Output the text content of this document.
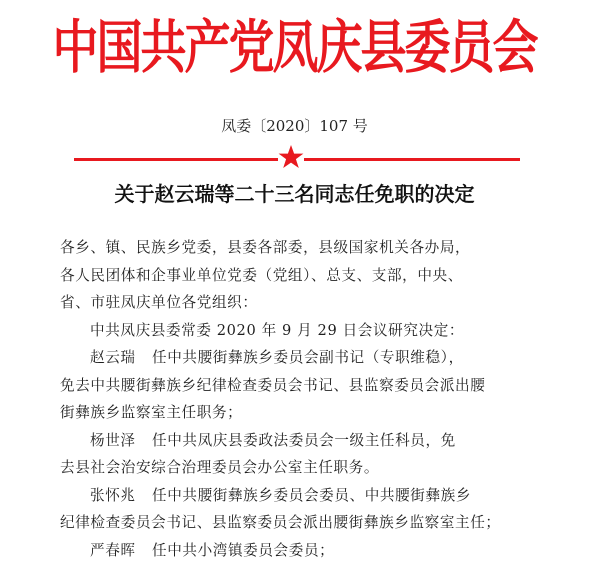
中国共产党凤庆县委员会
凤委〔2020〕107 号
关于赵云瑞等二十三名同志任免职的决定
各乡、镇、民族乡党委，县委各部委，县级国家机关各办局，
各人民团体和企事业单位党委（党组）、总支、支部，中央、
省、市驻凤庆单位各党组织：
中共凤庆县委常委 2020 年 9 月 29 日会议研究决定：
赵云瑞 任中共腰街彝族乡委员会副书记（专职维稳），
免去中共腰街彝族乡纪律检查委员会书记、县监察委员会派出腰
街彝族乡监察室主任职务；
杨世泽 任中共凤庆县委政法委员会一级主任科员，免
去县社会治安综合治理委员会办公室主任职务。
张怀兆 任中共腰街彝族乡委员会委员、中共腰街彝族乡
纪律检查委员会书记、县监察委员会派出腰街彝族乡监察室主任；
严春晖 任中共小湾镇委员会委员；
